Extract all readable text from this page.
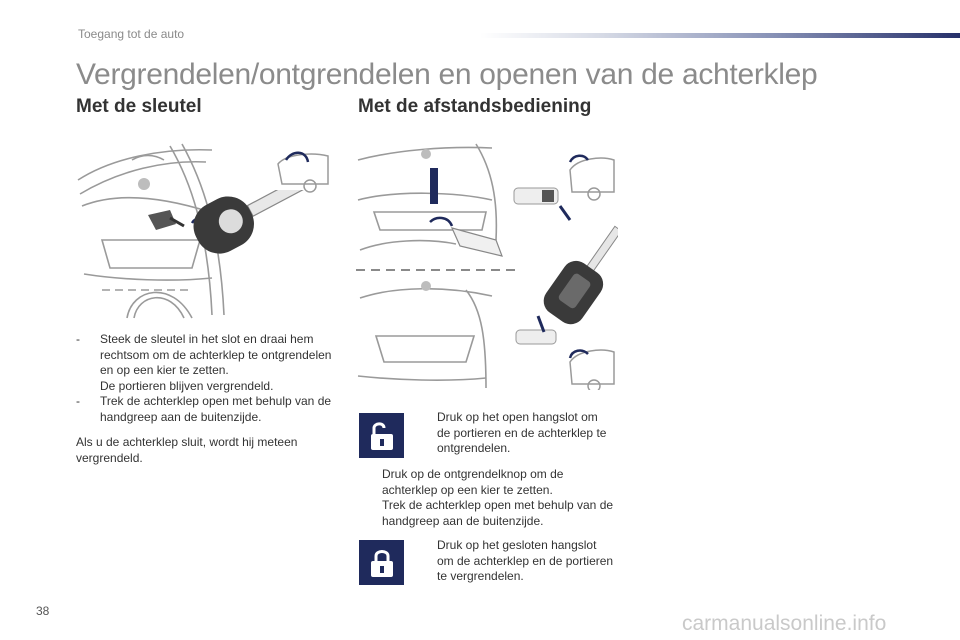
Toegang tot de auto
Vergrendelen/ontgrendelen en openen van de achterklep
Met de sleutel	Met de afstandsbediening
- Steek de sleutel in het slot en draai hem
rechtsom om de achterklep te ontgrendelen
en op een kier te zetten.
De portieren blijven vergrendeld.
- Trek de achterklep open met behulp van de
handgreep aan de buitenzijde.
Als u de achterklep sluit, wordt hij meteen
vergrendeld.
Druk op het open hangslot om
de portieren en de achterklep te
ontgrendelen.
Druk op de ontgrendelknop om de
achterklep op een kier te zetten.
Trek de achterklep open met behulp van de
handgreep aan de buitenzijde.
Druk op het gesloten hangslot
om de achterklep en de portieren
te vergrendelen.
38
carmanualsonline.info
